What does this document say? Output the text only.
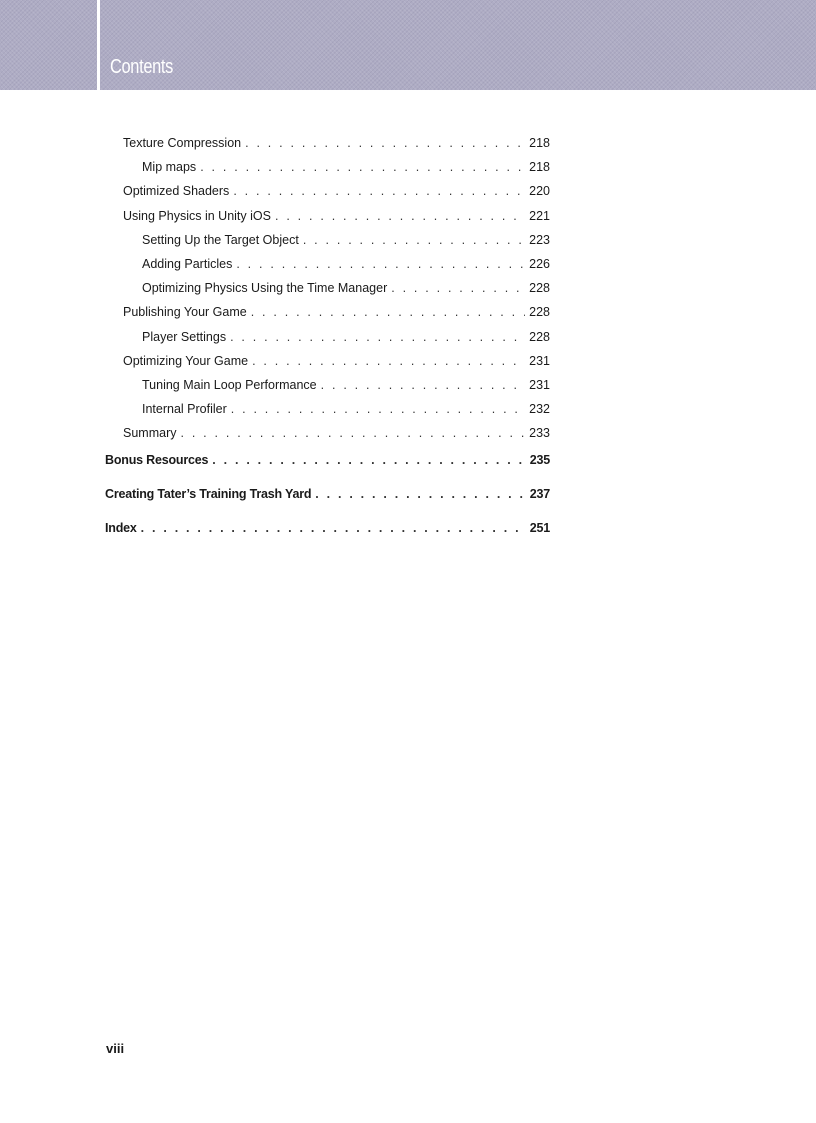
Contents
Texture Compression . . .	218
Mip maps . . .	218
Optimized Shaders . . .	220
Using Physics in Unity iOS . . .	221
Setting Up the Target Object . . .	223
Adding Particles . . .	226
Optimizing Physics Using the Time Manager . . .	228
Publishing Your Game . . .	228
Player Settings . . .	228
Optimizing Your Game . . .	231
Tuning Main Loop Performance . . .	231
Internal Profiler . . .	232
Summary . . .	233
Bonus Resources . . .	235
Creating Tater’s Training Trash Yard . . .	237
Index . . .	251
viii
